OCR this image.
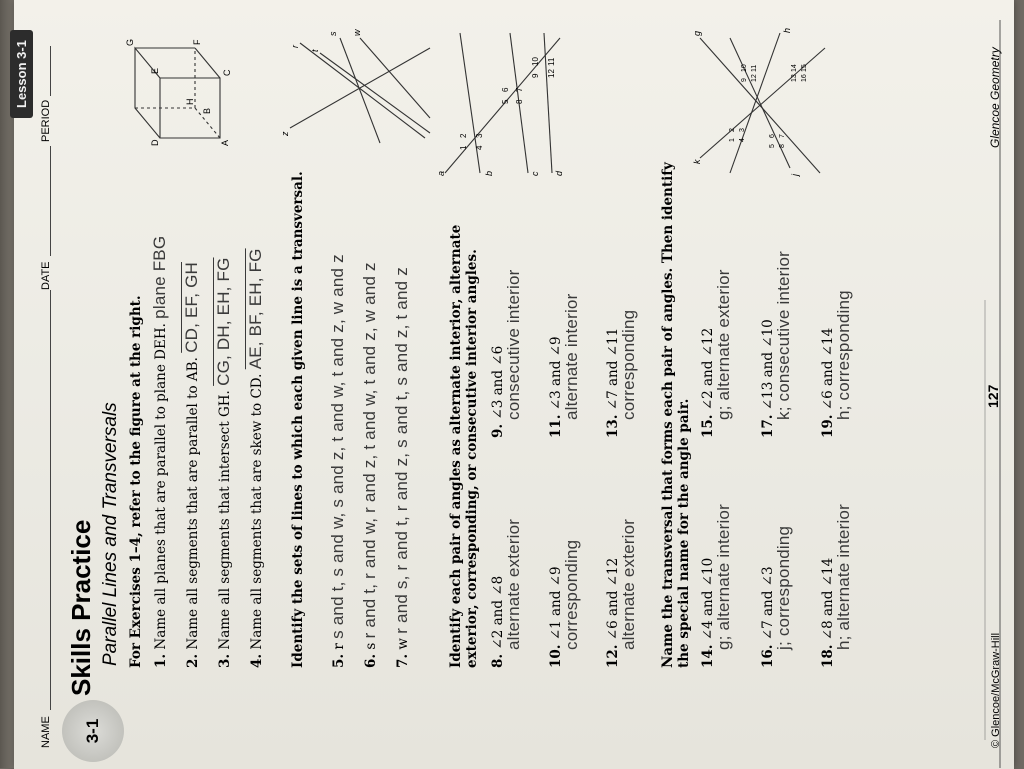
NAME
DATE
PERIOD
Lesson 3-1
3-1
Skills Practice Parallel Lines and Transversals For Exercises 1–4, refer to the figure at the right. 1. Name all planes that are parallel to plane DEH. plane FBG
2. Name all segments that are parallel to AB. CD, EF, GH
3. Name all segments that intersect GH. CG, DH, EH, FG
4. Name all segments that are skew to CD. AE, BF, EH, FG
A
B
C
D
E
F
G
H
Identify the sets of lines to which each given line is a transversal. 5. r s and t, s and w, s and z, t and w, t and z, w and z
6. s r and t, r and w, r and z, t and w, t and z, w and z
7. w r and s, r and t, r and z, s and t, s and z, t and z
r
s
t
w
z
Identify each pair of angles as alternate interior, alternate exterior, corresponding, or consecutive interior angles. 8. ∠2 and ∠8
alternate exterior
9. ∠3 and ∠6
consecutive interior
10. ∠1 and ∠9
corresponding
11. ∠3 and ∠9
alternate interior
12. ∠6 and ∠12
alternate exterior
13. ∠7 and ∠11
corresponding
a	b	c d
1
2 3
4
5
6 7
8
9
10 11
12
Name the transversal that forms each pair of angles. Then identify the special name for the angle pair. 14. ∠4 and ∠10
g; alternate interior
15. ∠2 and ∠12
g; alternate exterior
16. ∠7 and ∠3
j; corresponding
17. ∠13 and ∠10
k; consecutive interior
18. ∠8 and ∠14
h; alternate interior
19. ∠6 and ∠14
h; corresponding
g
h
j
k
1
2 3
4
5
6 7
8
9
10 11
12	13
14 15
16
© Glencoe/McGraw-Hill
127
Glencoe Geometry
